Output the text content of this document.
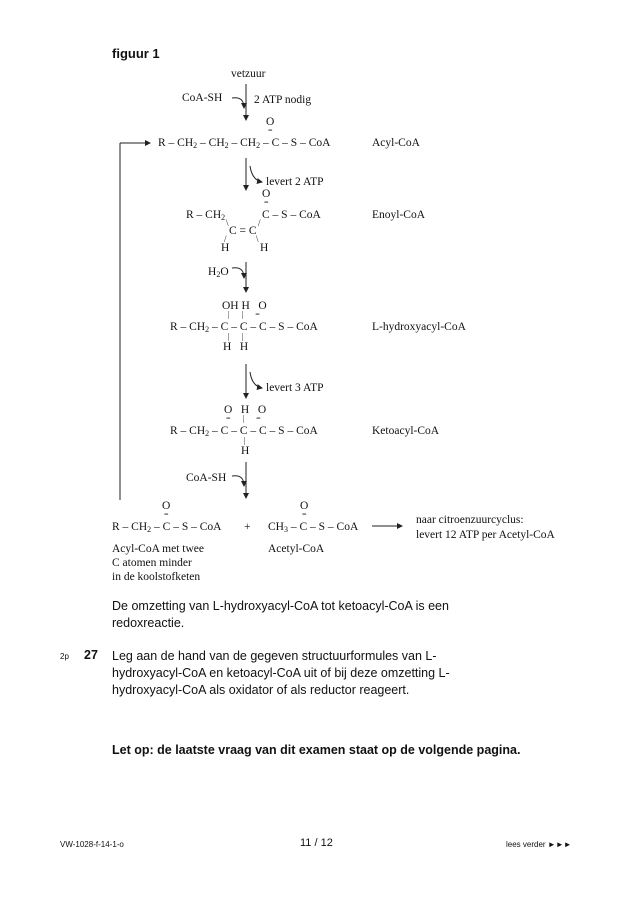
figuur 1
vetzuur
CoA-SH	2 ATP nodig
O
=
R – $CH_2 - CH_2 - CH_2$ – C – S – CoA	Acyl-CoA
levert 2 ATP
O
=
R – $CH_2$	C – S – CoA
\	/
C = C
/	\
H	H
Enoyl-CoA
$H_2O$
OH H   O
|      |      =
R – $CH_2$ – C – C – C – S – CoA
|      |
H   H
L-hydroxyacyl-CoA
levert 3 ATP
O   H   O
=      |      =
R – $CH_2$ – C – C – C – S – CoA
|
H
Ketoacyl-CoA
CoA-SH
O
=
R – $CH_2$ – C – S – CoA +
O
=
$CH_3$ – C – S – CoA
naar citroenzuurcyclus:
levert 12 ATP per Acetyl-CoA
Acyl-CoA met twee
C atomen minder
in de koolstofketen
Acetyl-CoA
De omzetting van L-hydroxyacyl-CoA tot ketoacyl-CoA is een redoxreactie.
2p 27 Leg aan de hand van de gegeven structuurformules van L-hydroxyacyl-CoA en ketoacyl-CoA uit of bij deze omzetting L-hydroxyacyl-CoA als oxidator of als reductor reageert.
Let op: de laatste vraag van dit examen staat op de volgende pagina.
VW-1028-f-14-1-o	11 / 12	lees verder ►►►
